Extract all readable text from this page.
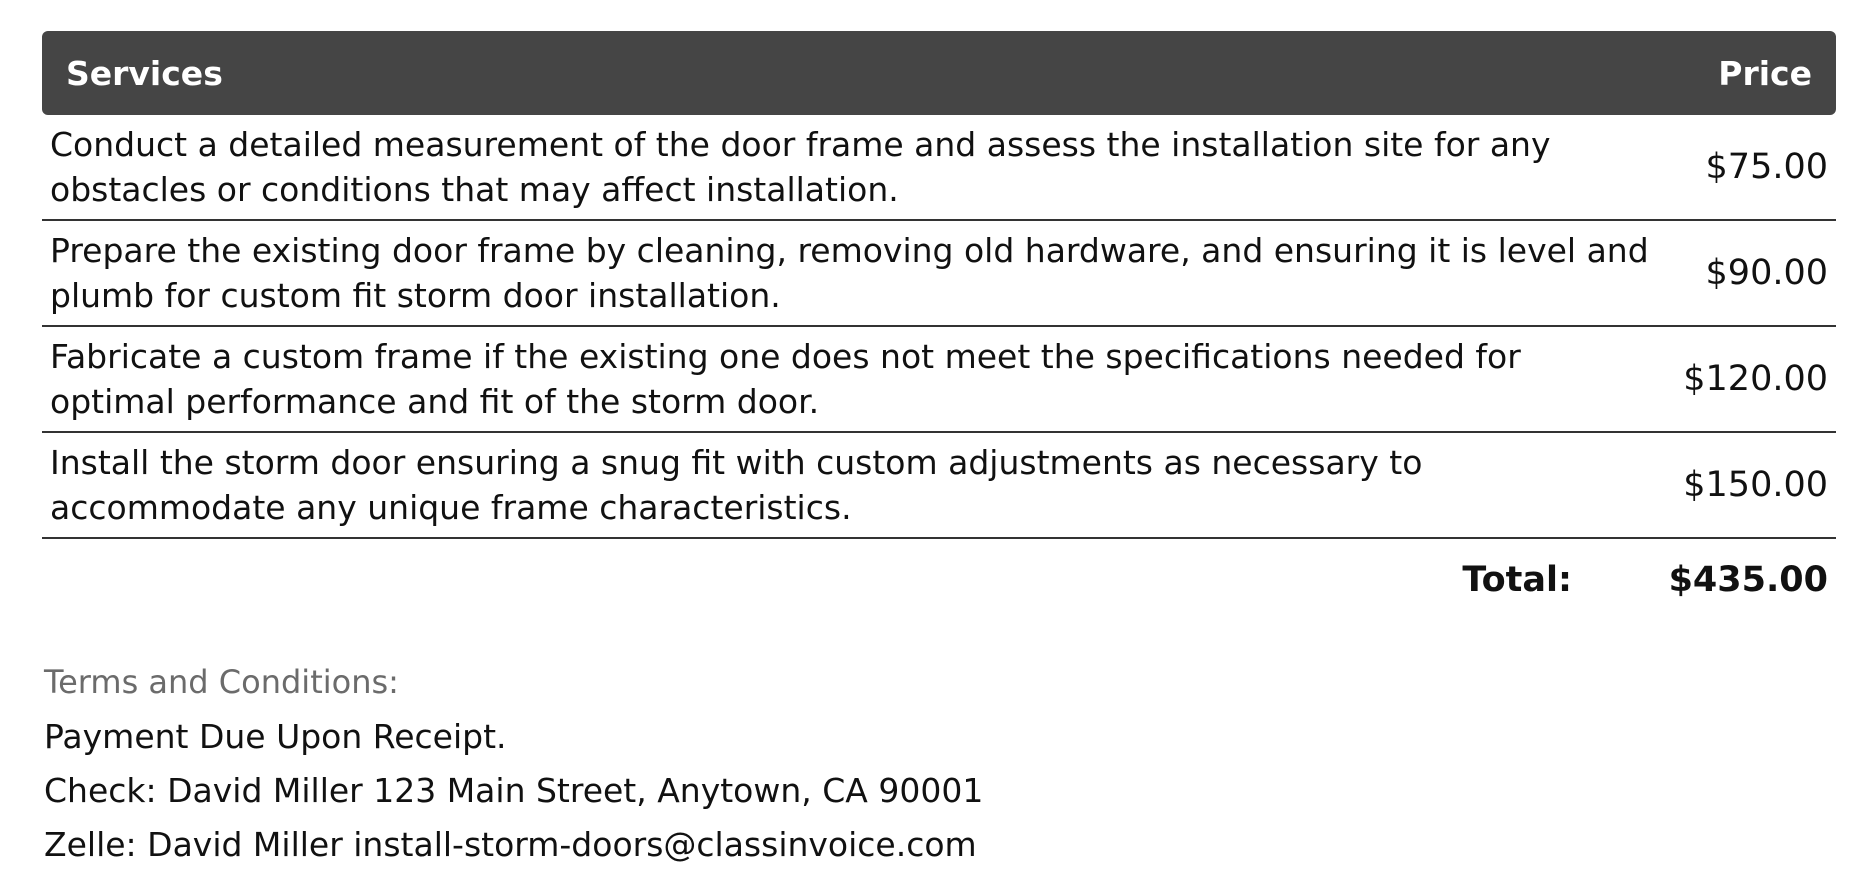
Services	Price
Conduct a detailed measurement of the door frame and assess the installation site for any
obstacles or conditions that may affect installation.
$75.00
Prepare the existing door frame by cleaning, removing old hardware, and ensuring it is level and
plumb for custom fit storm door installation.
$90.00
Fabricate a custom frame if the existing one does not meet the specifications needed for
optimal performance and fit of the storm door.
$120.00
Install the storm door ensuring a snug fit with custom adjustments as necessary to
accommodate any unique frame characteristics.
$150.00
Total:	$435.00
Terms and Conditions:
Payment Due Upon Receipt.
Check: David Miller 123 Main Street, Anytown, CA 90001
Zelle: David Miller install-storm-doors@classinvoice.com
